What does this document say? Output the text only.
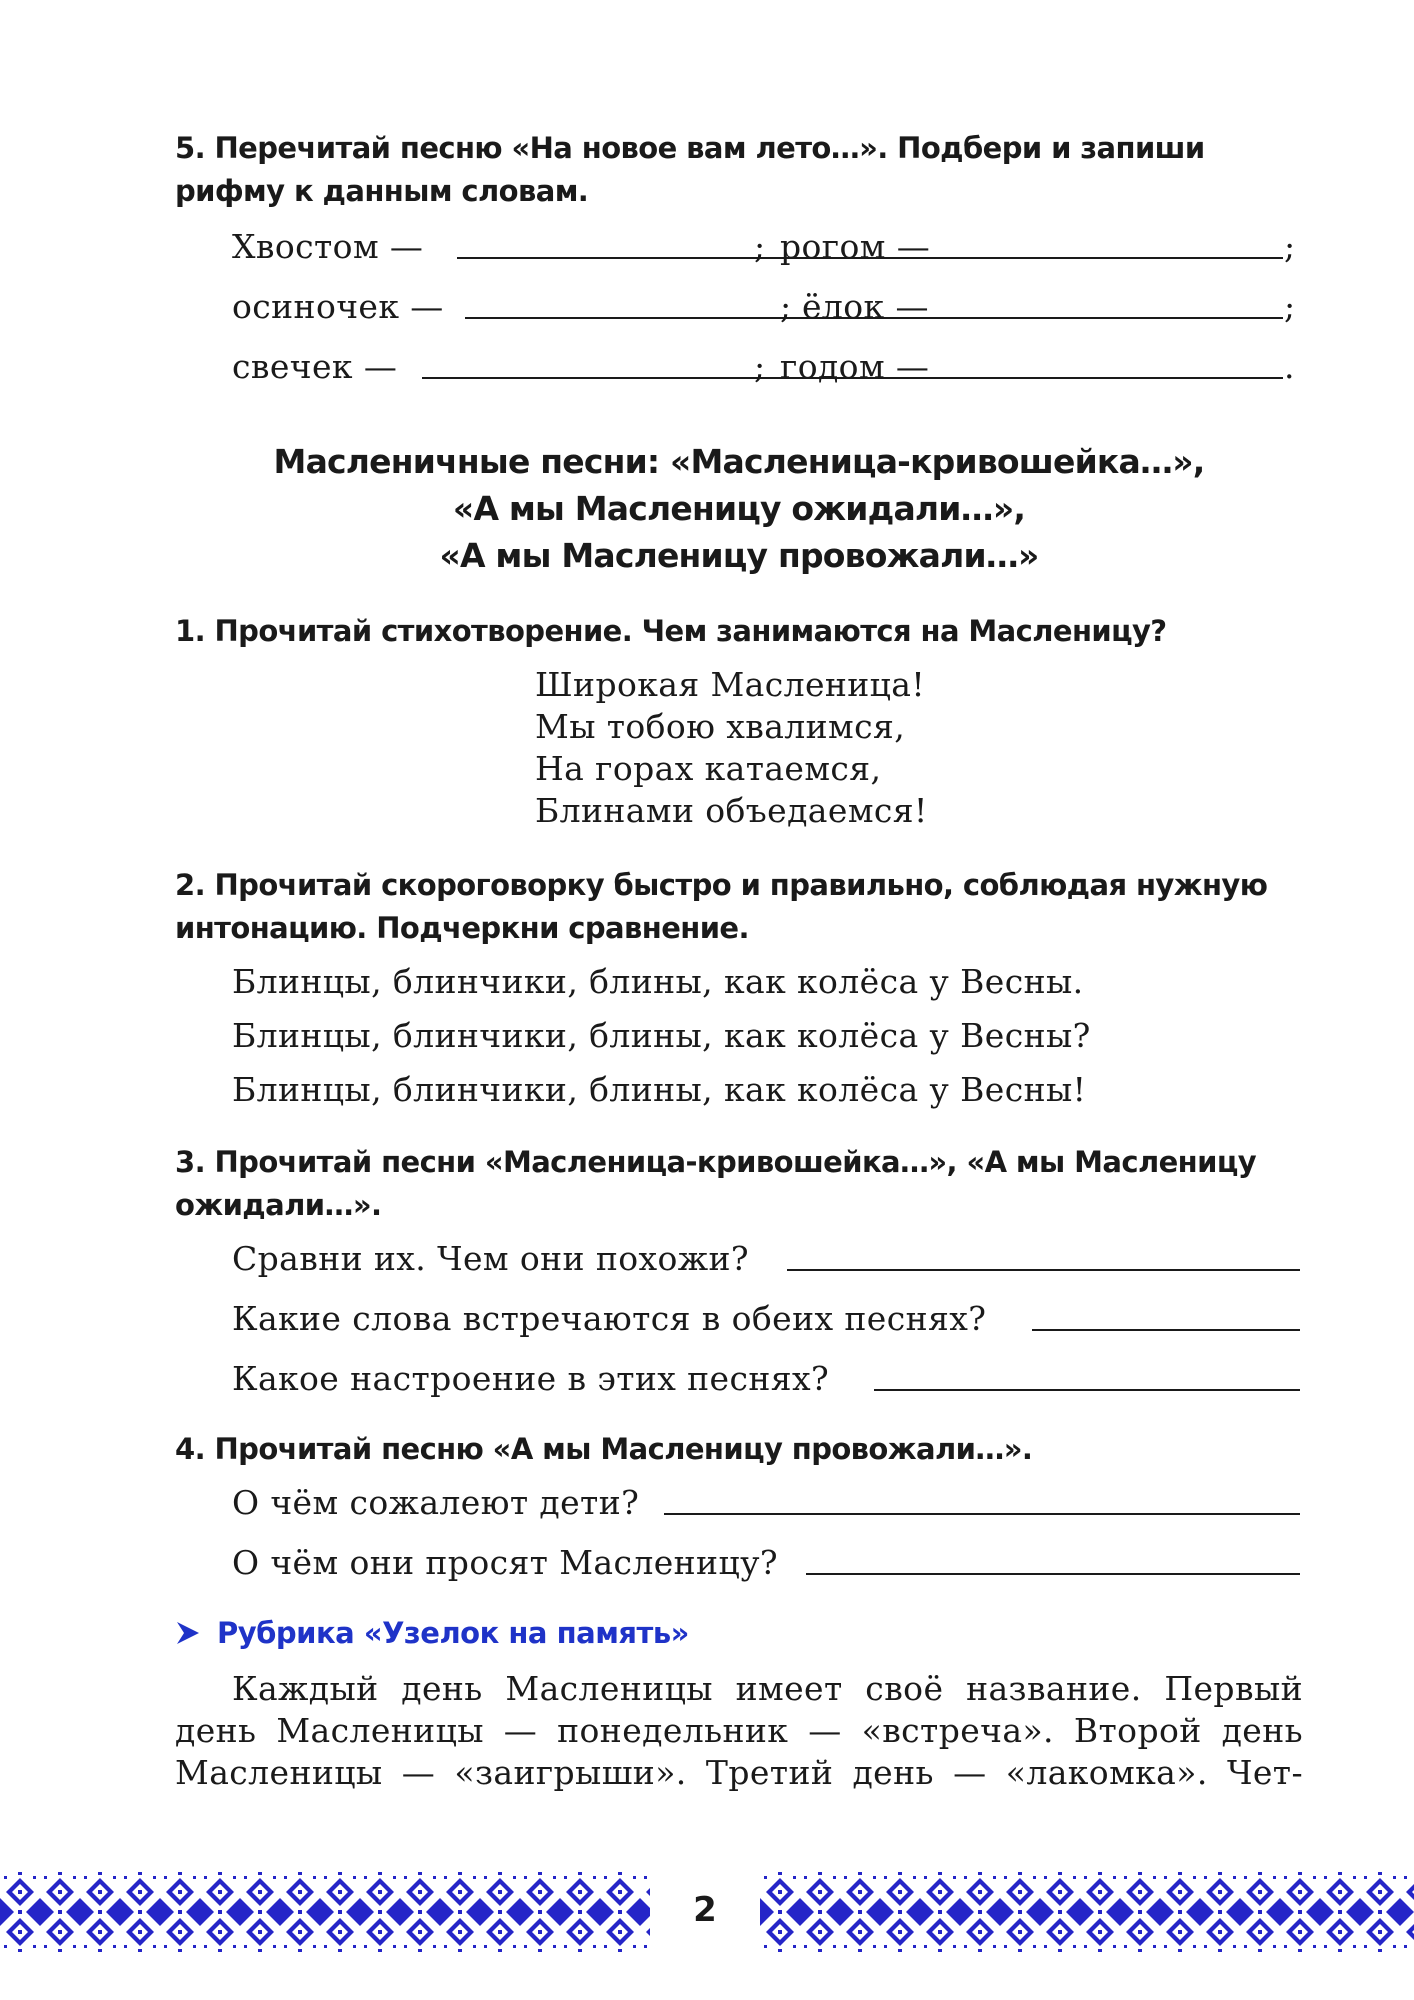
5. Перечитай песню «На новое вам лето…». Подбери и запиши рифму к данным словам.

Хвостом —	; рогом —	;
осиночек —	; ёлок —	;
свечек —	; годом —	.
Масленичные песни: «Масленица-кривошейка…»,
«А мы Масленицу ожидали…»,
«А мы Масленицу провожали…»

1. Прочитай стихотворение. Чем занимаются на Масленицу?

Широкая Масленица!
Мы тобою хвалимся,
На горах катаемся,
Блинами объедаемся!

2. Прочитай скороговорку быстро и правильно, соблюдая нужную интонацию. Подчеркни сравнение.

Блинцы, блинчики, блины, как колёса у Весны.
Блинцы, блинчики, блины, как колёса у Весны?
Блинцы, блинчики, блины, как колёса у Весны!

3. Прочитай песни «Масленица-кривошейка…», «А мы Масленицу ожидали…».

Сравни их. Чем они похожи?
Какие слова встречаются в обеих песнях?
Какое настроение в этих песнях?

4. Прочитай песню «А мы Масленицу провожали…».

О чём сожалеют дети?
О чём они просят Масленицу?
Рубрика «Узелок на память»
Каждый день Масленицы имеет своё название. Первый
день Масленицы — понедельник — «встреча». Второй день
Масленицы — «заигрыши». Третий день — «лакомка». Чет-
2
